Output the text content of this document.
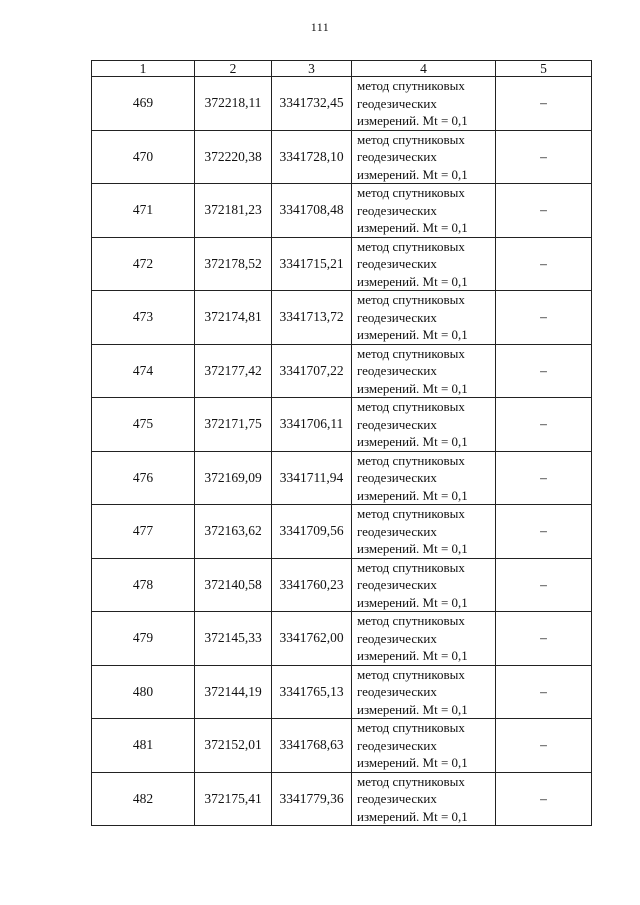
111
1	2	3	4	5
469	372218,11	3341732,45	метод спутниковых
геодезических
измерений. Mt = 0,1	–
470	372220,38	3341728,10	метод спутниковых
геодезических
измерений. Mt = 0,1	–
471	372181,23	3341708,48	метод спутниковых
геодезических
измерений. Mt = 0,1	–
472	372178,52	3341715,21	метод спутниковых
геодезических
измерений. Mt = 0,1	–
473	372174,81	3341713,72	метод спутниковых
геодезических
измерений. Mt = 0,1	–
474	372177,42	3341707,22	метод спутниковых
геодезических
измерений. Mt = 0,1	–
475	372171,75	3341706,11	метод спутниковых
геодезических
измерений. Mt = 0,1	–
476	372169,09	3341711,94	метод спутниковых
геодезических
измерений. Mt = 0,1	–
477	372163,62	3341709,56	метод спутниковых
геодезических
измерений. Mt = 0,1	–
478	372140,58	3341760,23	метод спутниковых
геодезических
измерений. Mt = 0,1	–
479	372145,33	3341762,00	метод спутниковых
геодезических
измерений. Mt = 0,1	–
480	372144,19	3341765,13	метод спутниковых
геодезических
измерений. Mt = 0,1	–
481	372152,01	3341768,63	метод спутниковых
геодезических
измерений. Mt = 0,1	–
482	372175,41	3341779,36	метод спутниковых
геодезических
измерений. Mt = 0,1	–
